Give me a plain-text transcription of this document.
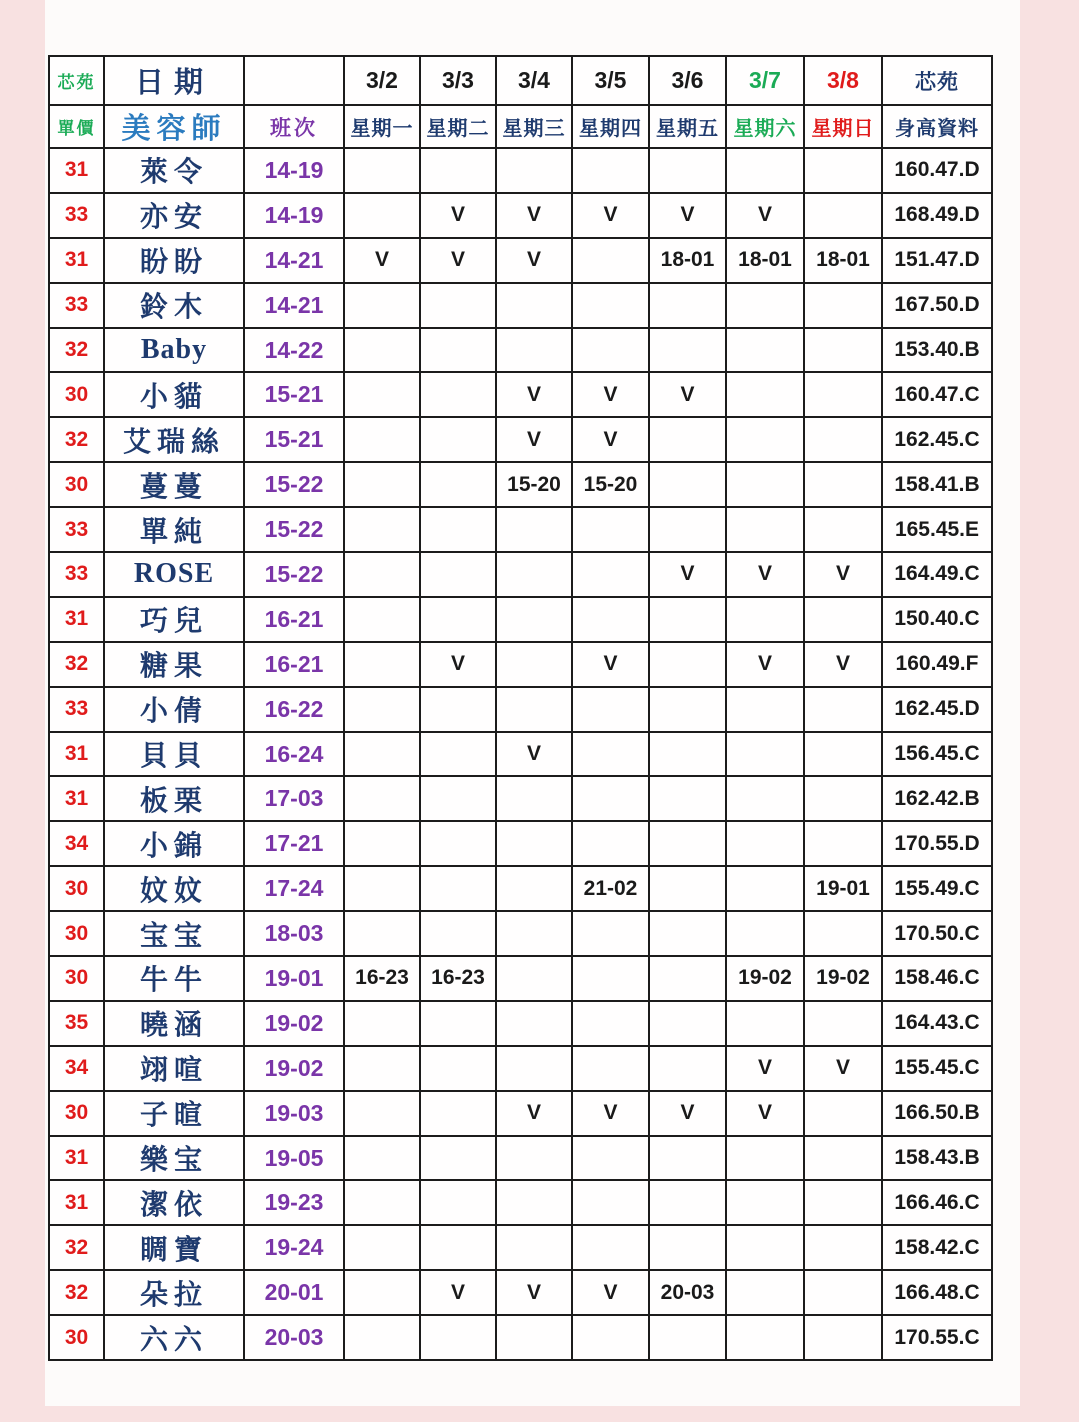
芯苑	日期		3/2	3/3	3/4	3/5	3/6	3/7	3/8	芯苑
單價	美容師	班次	星期一	星期二	星期三	星期四	星期五	星期六	星期日	身高資料
31	萊令	14-19								160.47.D
33	亦安	14-19		V	V	V	V	V		168.49.D
31	盼盼	14-21	V	V	V		18-01	18-01	18-01	151.47.D
33	鈴木	14-21								167.50.D
32	Baby	14-22								153.40.B
30	小貓	15-21			V	V	V			160.47.C
32	艾瑞絲	15-21			V	V				162.45.C
30	蔓蔓	15-22			15-20	15-20				158.41.B
33	單純	15-22								165.45.E
33	ROSE	15-22					V	V	V	164.49.C
31	巧兒	16-21								150.40.C
32	糖果	16-21		V		V		V	V	160.49.F
33	小倩	16-22								162.45.D
31	貝貝	16-24			V					156.45.C
31	板栗	17-03								162.42.B
34	小錦	17-21								170.55.D
30	妏妏	17-24				21-02			19-01	155.49.C
30	宝宝	18-03								170.50.C
30	牛牛	19-01	16-23	16-23				19-02	19-02	158.46.C
35	曉涵	19-02								164.43.C
34	翊喧	19-02						V	V	155.45.C
30	子暄	19-03			V	V	V	V		166.50.B
31	樂宝	19-05								158.43.B
31	潔依	19-23								166.46.C
32	睭寶	19-24								158.42.C
32	朵拉	20-01		V	V	V	20-03			166.48.C
30	六六	20-03								170.55.C
